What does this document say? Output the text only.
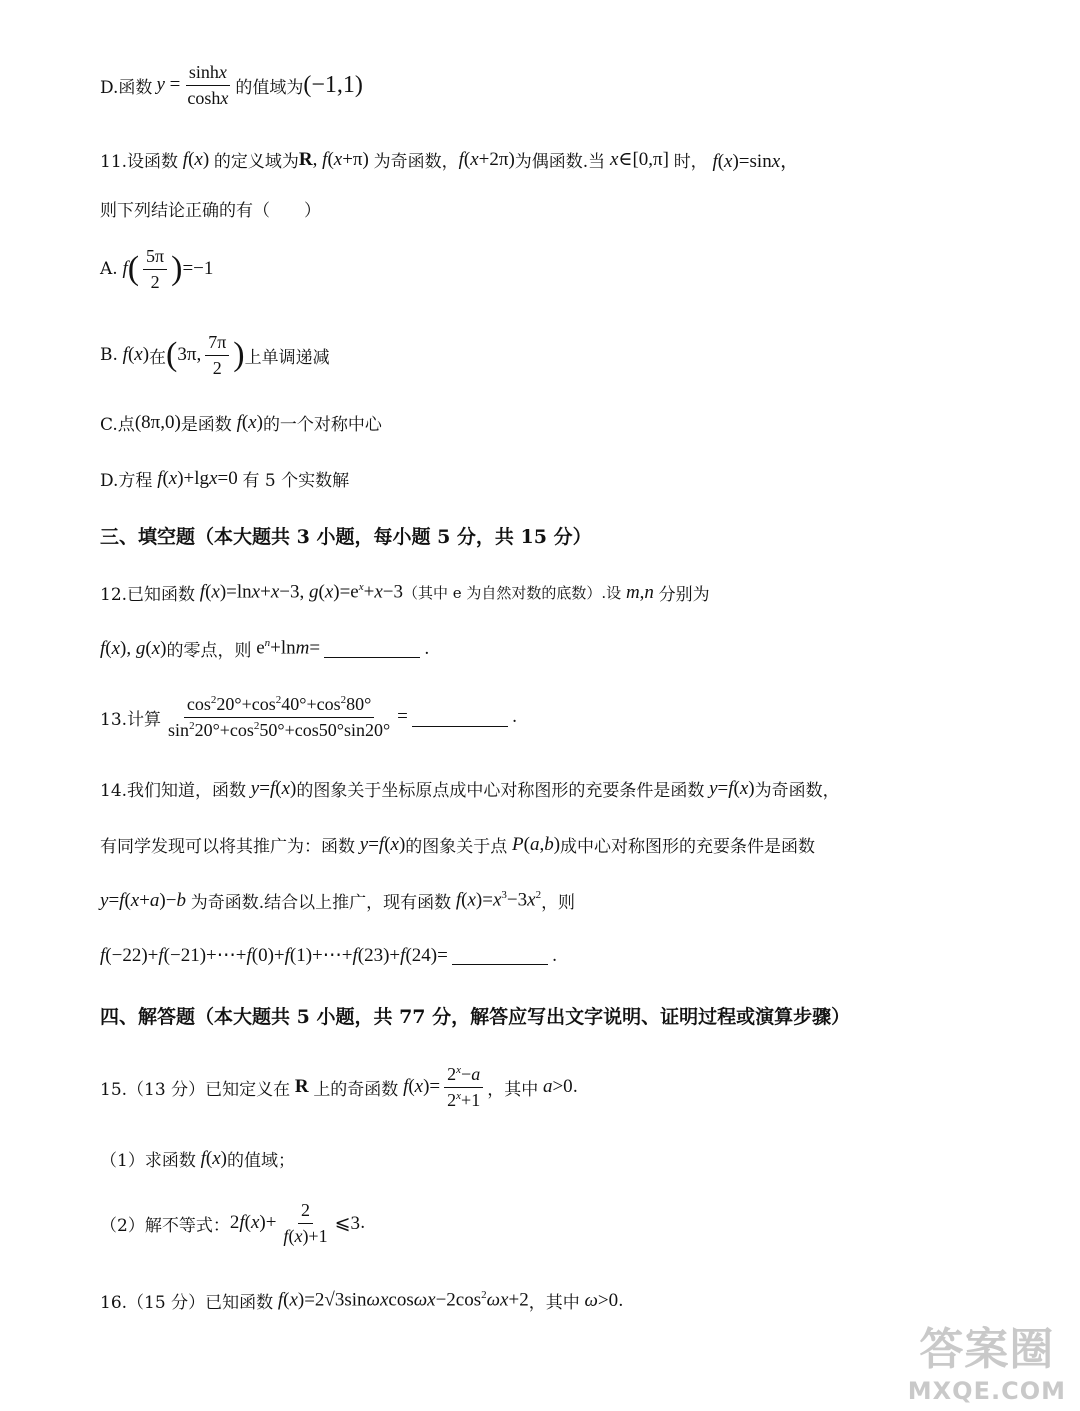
D.函数 $y = \frac{\sinh x}{\cosh x}$ 的值域为 (−1,1)
11.设函数 f(x) 的定义域为 R, f(x+π) 为奇函数， f(x+2π) 为偶函数.当 x∈[0,π] 时， f(x)=sinx，
则下列结论正确的有（　　）
A. f ( $\frac{5\pi}{2}$ ) =−1
B. f(x) 在 ( 3π, $\frac{7\pi}{2}$ ) 上单调递减
C.点 (8π,0) 是函数 f(x) 的一个对称中心
D.方程 f(x)+lgx=0 有 5 个实数解
三、填空题（本大题共 3 小题，每小题 5 分，共 15 分）
12.已知函数 f(x)=lnx+x−3, $g(x)=e^x+x-3$ （其中 e 为自然对数的底数）.设 m , n 分别为
f(x), g(x) 的零点，则 $e^n+\ln m=$	.
13.计算 $\frac{\cos^220^\circ+\cos^240^\circ+\cos^280^\circ}{\sin^220^\circ+\cos^250^\circ+\cos 50^\circ\sin 20^\circ}$ =	.
14.我们知道，函数 y=f(x) 的图象关于坐标原点成中心对称图形的充要条件是函数 y=f(x) 为奇函数，
有同学发现可以将其推广为：函数 y=f(x) 的图象关于点 P(a,b) 成中心对称图形的充要条件是函数
y=f(x+a)−b 为奇函数.结合以上推广，现有函数 $f(x)=x^3-3x^2$ ，则
f(−22)+f(−21)+⋯+f(0)+f(1)+⋯+f(23)+f(24)=	.
四、解答题（本大题共 5 小题，共 77 分，解答应写出文字说明、证明过程或演算步骤）
15.（13 分）已知定义在 R 上的奇函数 $f(x)= \frac{2^x-a}{2^x+1}$ ，其中 a>0 .
（1）求函数 f(x) 的值域；
（2）解不等式： $2f(x)+ \frac{2}{f(x)+1}$ ⩽3 .
16.（15 分）已知函数 $f(x)=2√3\sin\omega xcos\omega x-2\cos^2\omega x+2$ ，其中 ω>0 .
答案圈
MXQE.COM
